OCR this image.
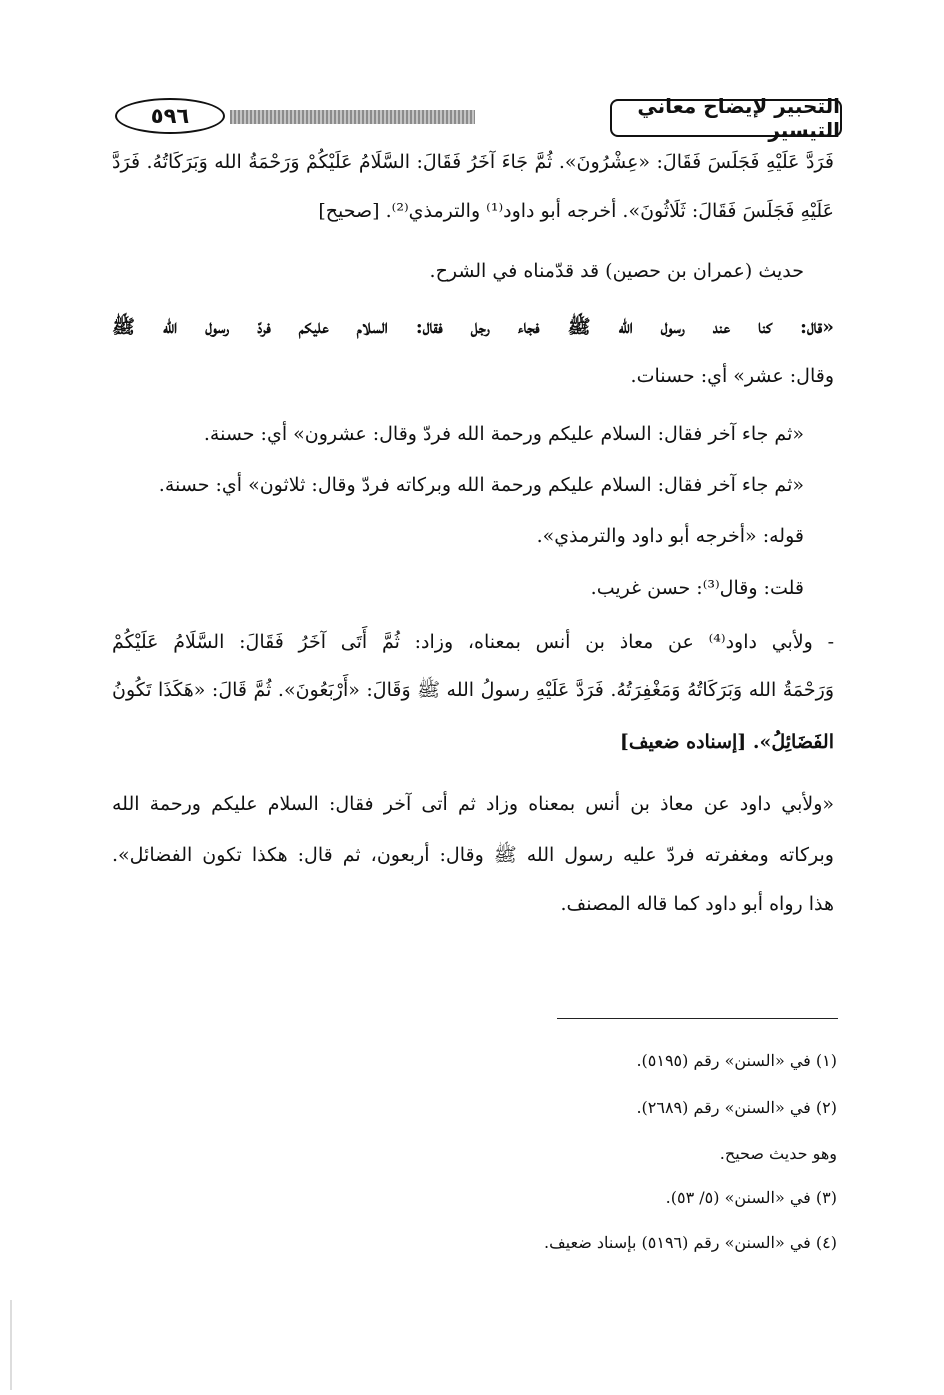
٥٩٦	التحبير لإيضاح معاني التيسير
فَرَدَّ عَلَيْهِ فَجَلَسَ فَقَالَ: «عِشْرُونَ». ثُمَّ جَاءَ آخَرُ فَقَالَ: السَّلَامُ عَلَيْكُمْ وَرَحْمَةُ الله وَبَرَكَاتُهُ. فَرَدَّ
عَلَيْهِ فَجَلَسَ فَقَالَ: ثَلَاثُونَ». أخرجه أبو داود⁽¹⁾ والترمذي⁽²⁾. [صحيح]
حديث (عمران بن حصين) قد قدّمناه في الشرح.
«قال: كنا عند رسول الله ﷺ فجاء رجل فقال: السلام عليكم فردّ رسول الله ﷺ
وقال: عشر» أي: حسنات.
«ثم جاء آخر فقال: السلام عليكم ورحمة الله فردّ وقال: عشرون» أي: حسنة.
«ثم جاء آخر فقال: السلام عليكم ورحمة الله وبركاته فردّ وقال: ثلاثون» أي: حسنة.
قوله: «أخرجه أبو داود والترمذي».
قلت: وقال⁽³⁾: حسن غريب.
- ولأبي داود⁽⁴⁾ عن معاذ بن أنس بمعناه، وزاد: ثُمَّ أَتَى آخَرُ فَقَالَ: السَّلَامُ عَلَيْكُمْ
وَرَحْمَةُ الله وَبَرَكَاتُهُ وَمَغْفِرَتُهُ. فَرَدَّ عَلَيْهِ رسولُ الله ﷺ وَقَالَ: «أَرْبَعُونَ». ثُمَّ قَالَ: «هَكَذَا تَكُونُ
الفَضَائِلُ». [إسناده ضعيف]
«ولأبي داود عن معاذ بن أنس بمعناه وزاد ثم أتى آخر فقال: السلام عليكم ورحمة الله
وبركاته ومغفرته فردّ عليه رسول الله ﷺ وقال: أربعون، ثم قال: هكذا تكون الفضائل».
هذا رواه أبو داود كما قاله المصنف.
(١) في «السنن» رقم (٥١٩٥).
(٢) في «السنن» رقم (٢٦٨٩).
وهو حديث صحيح.
(٣) في «السنن» (٥/ ٥٣).
(٤) في «السنن» رقم (٥١٩٦) بإسناد ضعيف.
